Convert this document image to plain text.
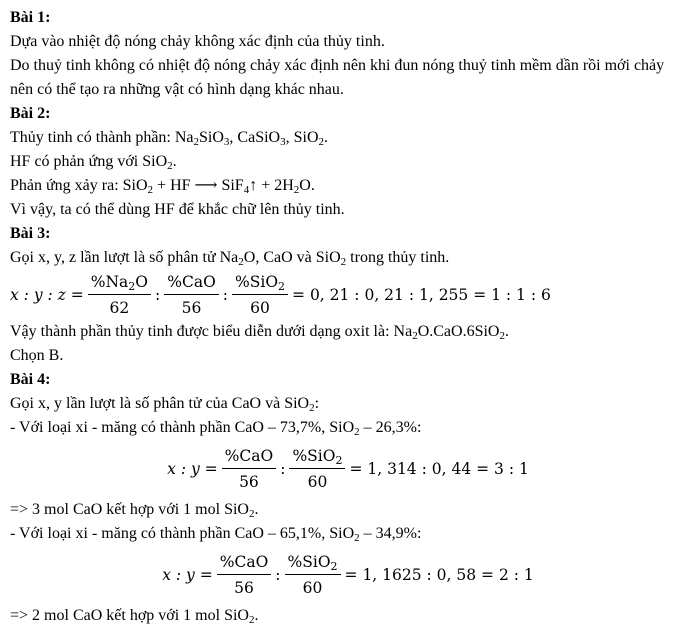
Bài 1:
Dựa vào nhiệt độ nóng chảy không xác định của thủy tinh.
Do thuỷ tinh không có nhiệt độ nóng chảy xác định nên khi đun nóng thuỷ tinh mềm dần rồi mới chảy nên có thể tạo ra những vật có hình dạng khác nhau.
Bài 2:
Thủy tinh có thành phần: $Na_2SiO_3$, CaSiO$_3$, SiO$_2$.
HF có phản ứng với SiO$_2$.
Phản ứng xảy ra: SiO$_2$ + HF ⟶ SiF$_4$↑ + $2H_2O$.
Vì vậy, ta có thể dùng HF để khắc chữ lên thủy tinh.
Bài 3:
Gọi x, y, z lần lượt là số phân tử $Na_2O$, CaO và SiO$_2$ trong thủy tinh.
x : y : $z = \frac{\%Na_2O}{62}$ : $\frac{\text{\%CaO}}{56}$ : $\frac{\%SiO_2}{60} = 0$, 21 : 0, 21 : 1, 255 = 1 : 1 : 6
Vậy thành phần thủy tinh được biểu diễn dưới dạng oxit là: $Na_2O.CaO.6SiO_2$.
Chọn B.
Bài 4:
Gọi x, y lần lượt là số phân tử của CaO và SiO$_2$:
- Với loại xi - măng có thành phần CaO – 73,7%, SiO$_2$ – 26,3%:
x : $y = \frac{\text{\%CaO}}{56}$ : $\frac{\%SiO_2}{60} = 1$, 314 : 0, 44 = 3 : 1
=> 3 mol CaO kết hợp với 1 mol SiO$_2$.
- Với loại xi - măng có thành phần CaO – 65,1%, SiO$_2$ – 34,9%:
x : $y = \frac{\text{\%CaO}}{56}$ : $\frac{\%SiO_2}{60} = 1$, 1625 : 0, 58 = 2 : 1
=> 2 mol CaO kết hợp với 1 mol SiO$_2$.
